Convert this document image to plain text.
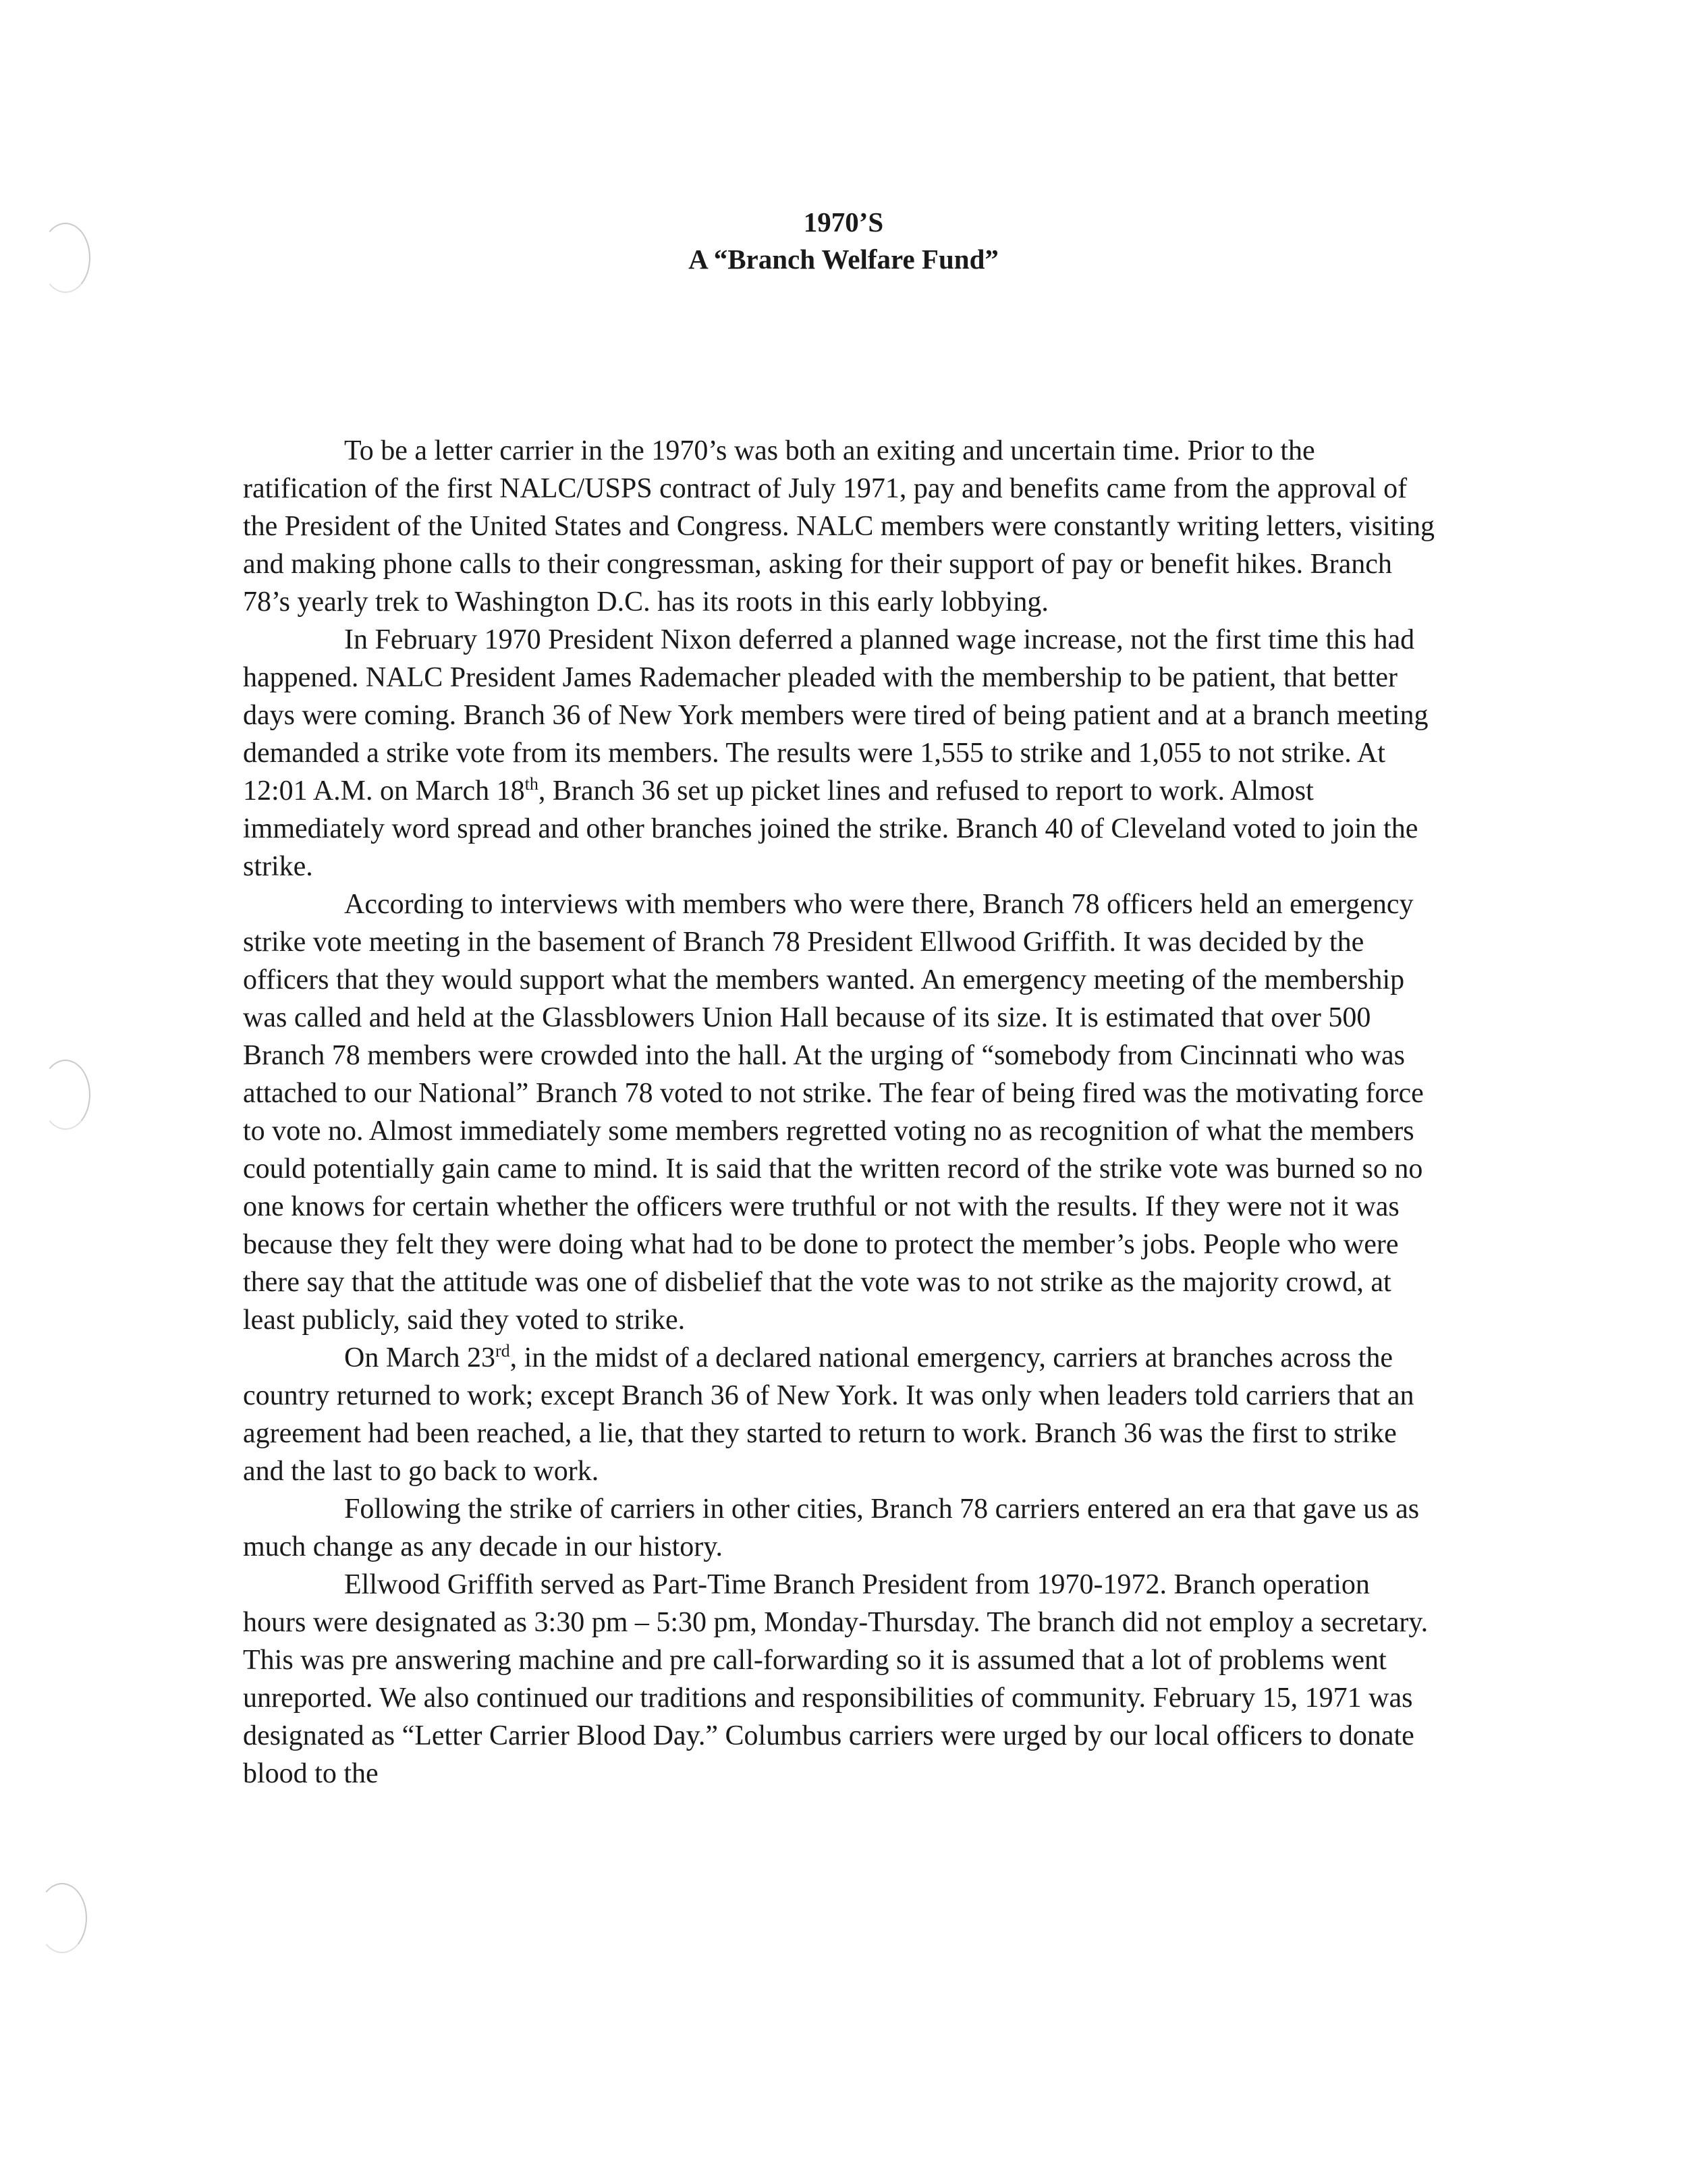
1970’S
A “Branch Welfare Fund”

To be a letter carrier in the 1970’s was both an exiting and uncertain time. Prior to the ratification of the first NALC/USPS contract of July 1971, pay and benefits came from the approval of the President of the United States and Congress. NALC members were constantly writing letters, visiting and making phone calls to their congressman, asking for their support of pay or benefit hikes. Branch 78’s yearly trek to Washington D.C. has its roots in this early lobbying.

In February 1970 President Nixon deferred a planned wage increase, not the first time this had happened. NALC President James Rademacher pleaded with the membership to be patient, that better days were coming. Branch 36 of New York members were tired of being patient and at a branch meeting demanded a strike vote from its members. The results were 1,555 to strike and 1,055 to not strike. At 12:01 A.M. on March 18th, Branch 36 set up picket lines and refused to report to work. Almost immediately word spread and other branches joined the strike. Branch 40 of Cleveland voted to join the strike.

According to interviews with members who were there, Branch 78 officers held an emergency strike vote meeting in the basement of Branch 78 President Ellwood Griffith. It was decided by the officers that they would support what the members wanted. An emergency meeting of the membership was called and held at the Glassblowers Union Hall because of its size. It is estimated that over 500 Branch 78 members were crowded into the hall. At the urging of “somebody from Cincinnati who was attached to our National” Branch 78 voted to not strike. The fear of being fired was the motivating force to vote no. Almost immediately some members regretted voting no as recognition of what the members could potentially gain came to mind. It is said that the written record of the strike vote was burned so no one knows for certain whether the officers were truthful or not with the results. If they were not it was because they felt they were doing what had to be done to protect the member’s jobs. People who were there say that the attitude was one of disbelief that the vote was to not strike as the majority crowd, at least publicly, said they voted to strike.

On March 23rd, in the midst of a declared national emergency, carriers at branches across the country returned to work; except Branch 36 of New York. It was only when leaders told carriers that an agreement had been reached, a lie, that they started to return to work. Branch 36 was the first to strike and the last to go back to work.

Following the strike of carriers in other cities, Branch 78 carriers entered an era that gave us as much change as any decade in our history.

Ellwood Griffith served as Part-Time Branch President from 1970-1972. Branch operation hours were designated as 3:30 pm – 5:30 pm, Monday-Thursday. The branch did not employ a secretary. This was pre answering machine and pre call-forwarding so it is assumed that a lot of problems went unreported. We also continued our traditions and responsibilities of community. February 15, 1971 was designated as “Letter Carrier Blood Day.” Columbus carriers were urged by our local officers to donate blood to the
